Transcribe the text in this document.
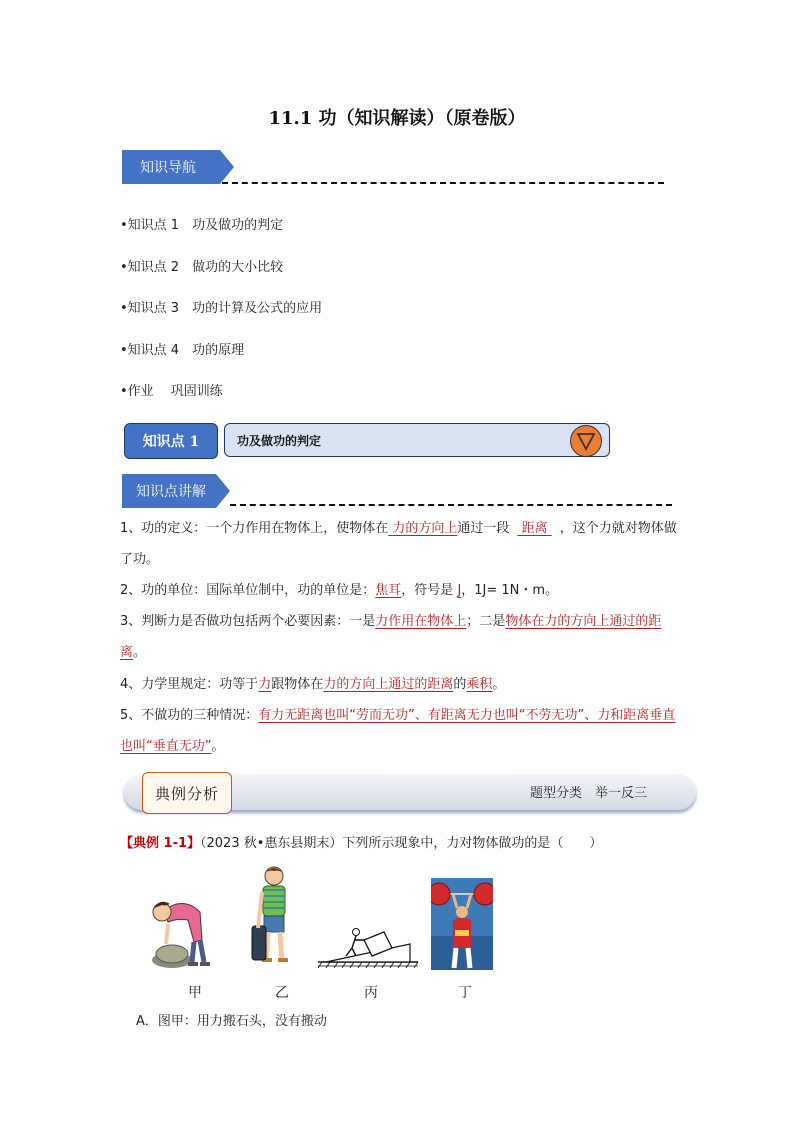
11.1 功（知识解读）（原卷版）
知识导航
•知识点 1　功及做功的判定
•知识点 2　做功的大小比较
•知识点 3　功的计算及公式的应用
•知识点 4　功的原理
•作业　 巩固训练
知识点 1	功及做功的判定
知识点讲解
1、功的定义：一个力作用在物体上，使物体在 力的方向上通过一段 距离 ，这个力就对物体做了功。
2、功的单位：国际单位制中，功的单位是：焦耳，符号是 J，1J= 1N・m。
3、判断力是否做功包括两个必要因素：一是力作用在物体上；二是物体在力的方向上通过的距离。
4、力学里规定：功等于力跟物体在力的方向上通过的距离的乘积。
5、不做功的三种情况：有力无距离也叫“劳而无功”、有距离无力也叫“不劳无功”、力和距离垂直也叫“垂直无功”。
典例分析	题型分类　举一反三
【典例 1-1】（2023 秋•惠东县期末）下列所示现象中，力对物体做功的是（　　）
甲	乙	丙	丁
A．图甲：用力搬石头，没有搬动
